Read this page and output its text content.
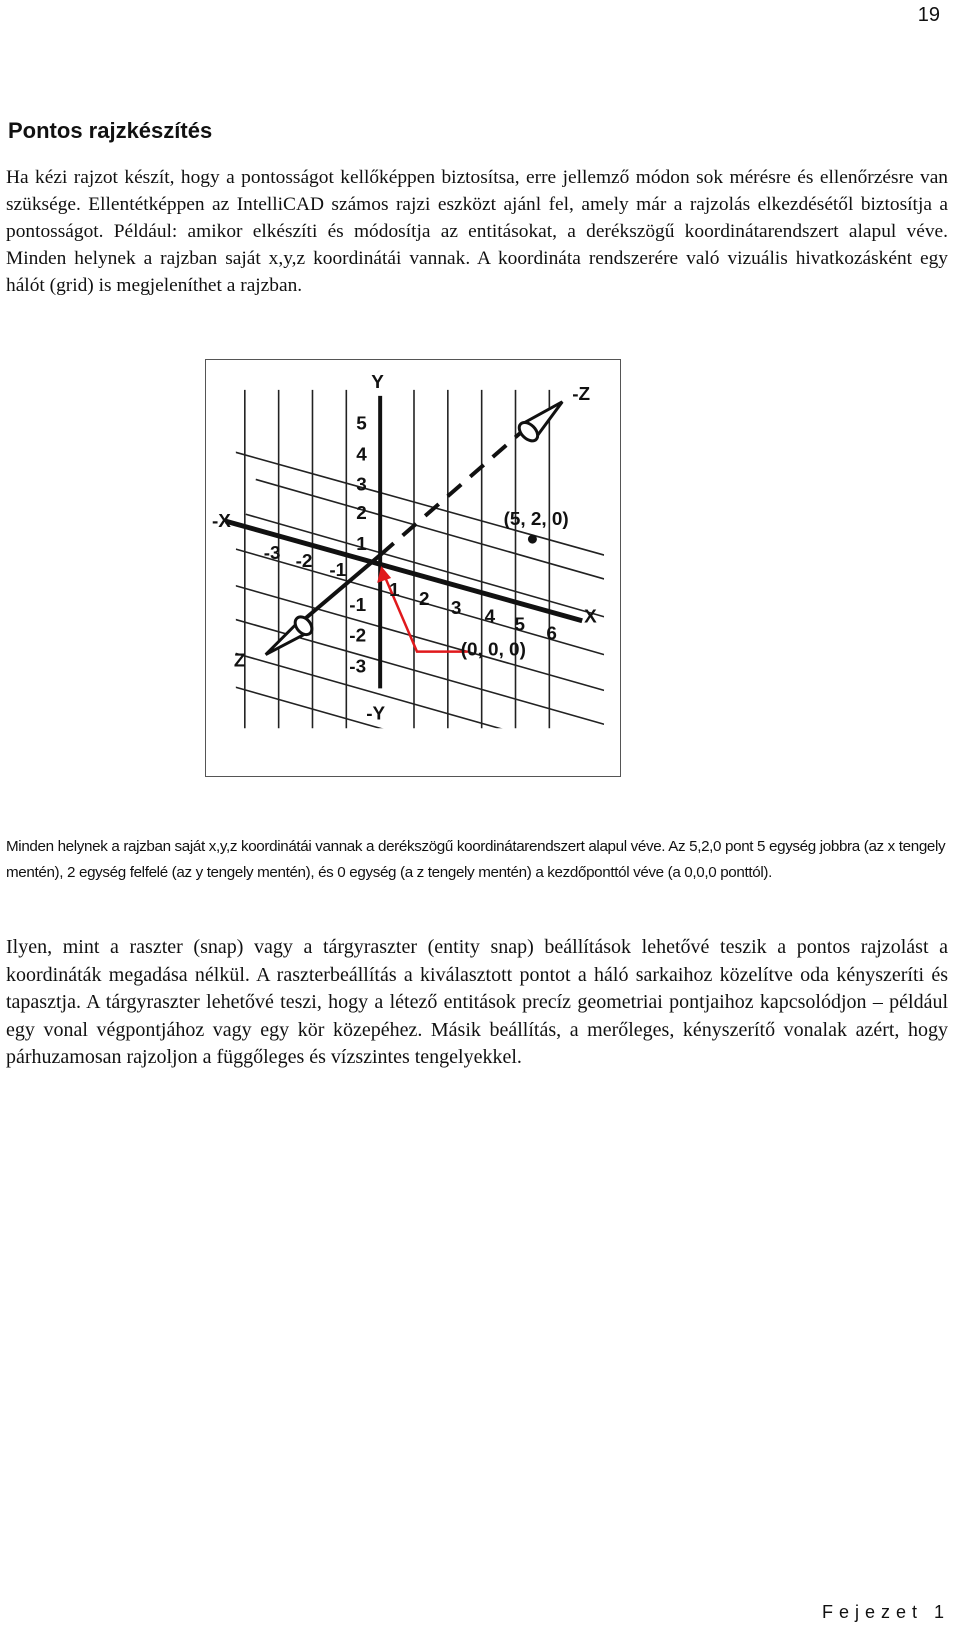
19
Pontos rajzkészítés

Ha kézi rajzot készít, hogy a pontosságot kellőképpen biztosítsa, erre jellemző módon sok mérésre és ellenőrzésre van szüksége. Ellentétképpen az IntelliCAD számos rajzi eszközt ajánl fel, amely már a rajzolás elkezdésétől biztosítja a pontosságot. Például: amikor elkészíti és módosítja az entitásokat, a derékszögű koordinátarendszert alapul véve. Minden helynek a rajzban saját x,y,z koordinátái vannak. A koordináta rendszerére való vizuális hivatkozásként egy hálót (grid) is megjeleníthet a rajzban.

Y
-Y
X
-X
Z
-Z
5
4
3
2
1
-1
-2
-3
-3 -2 -1
1 2 3 4 5 6
(5, 2, 0)
(0, 0, 0)

Minden helynek a rajzban saját x,y,z koordinátái vannak a derékszögű koordinátarendszert alapul véve. Az 5,2,0 pont 5 egység jobbra (az x tengely mentén), 2 egység felfelé (az y tengely mentén), és 0 egység (a z tengely mentén) a kezdőponttól véve (a 0,0,0 ponttól).

Ilyen, mint a raszter (snap) vagy a tárgyraszter (entity snap) beállítások lehetővé teszik a pontos rajzolást a koordináták megadása nélkül. A raszterbeállítás a kiválasztott pontot a háló sarkaihoz közelítve oda kényszeríti és tapasztja. A tárgyraszter lehetővé teszi, hogy a létező entitások precíz geometriai pontjaihoz kapcsolódjon – például egy vonal végpontjához vagy egy kör közepéhez. Másik beállítás, a merőleges, kényszerítő vonalak azért, hogy párhuzamosan rajzoljon a függőleges és vízszintes tengelyekkel.

Fejezet 1
